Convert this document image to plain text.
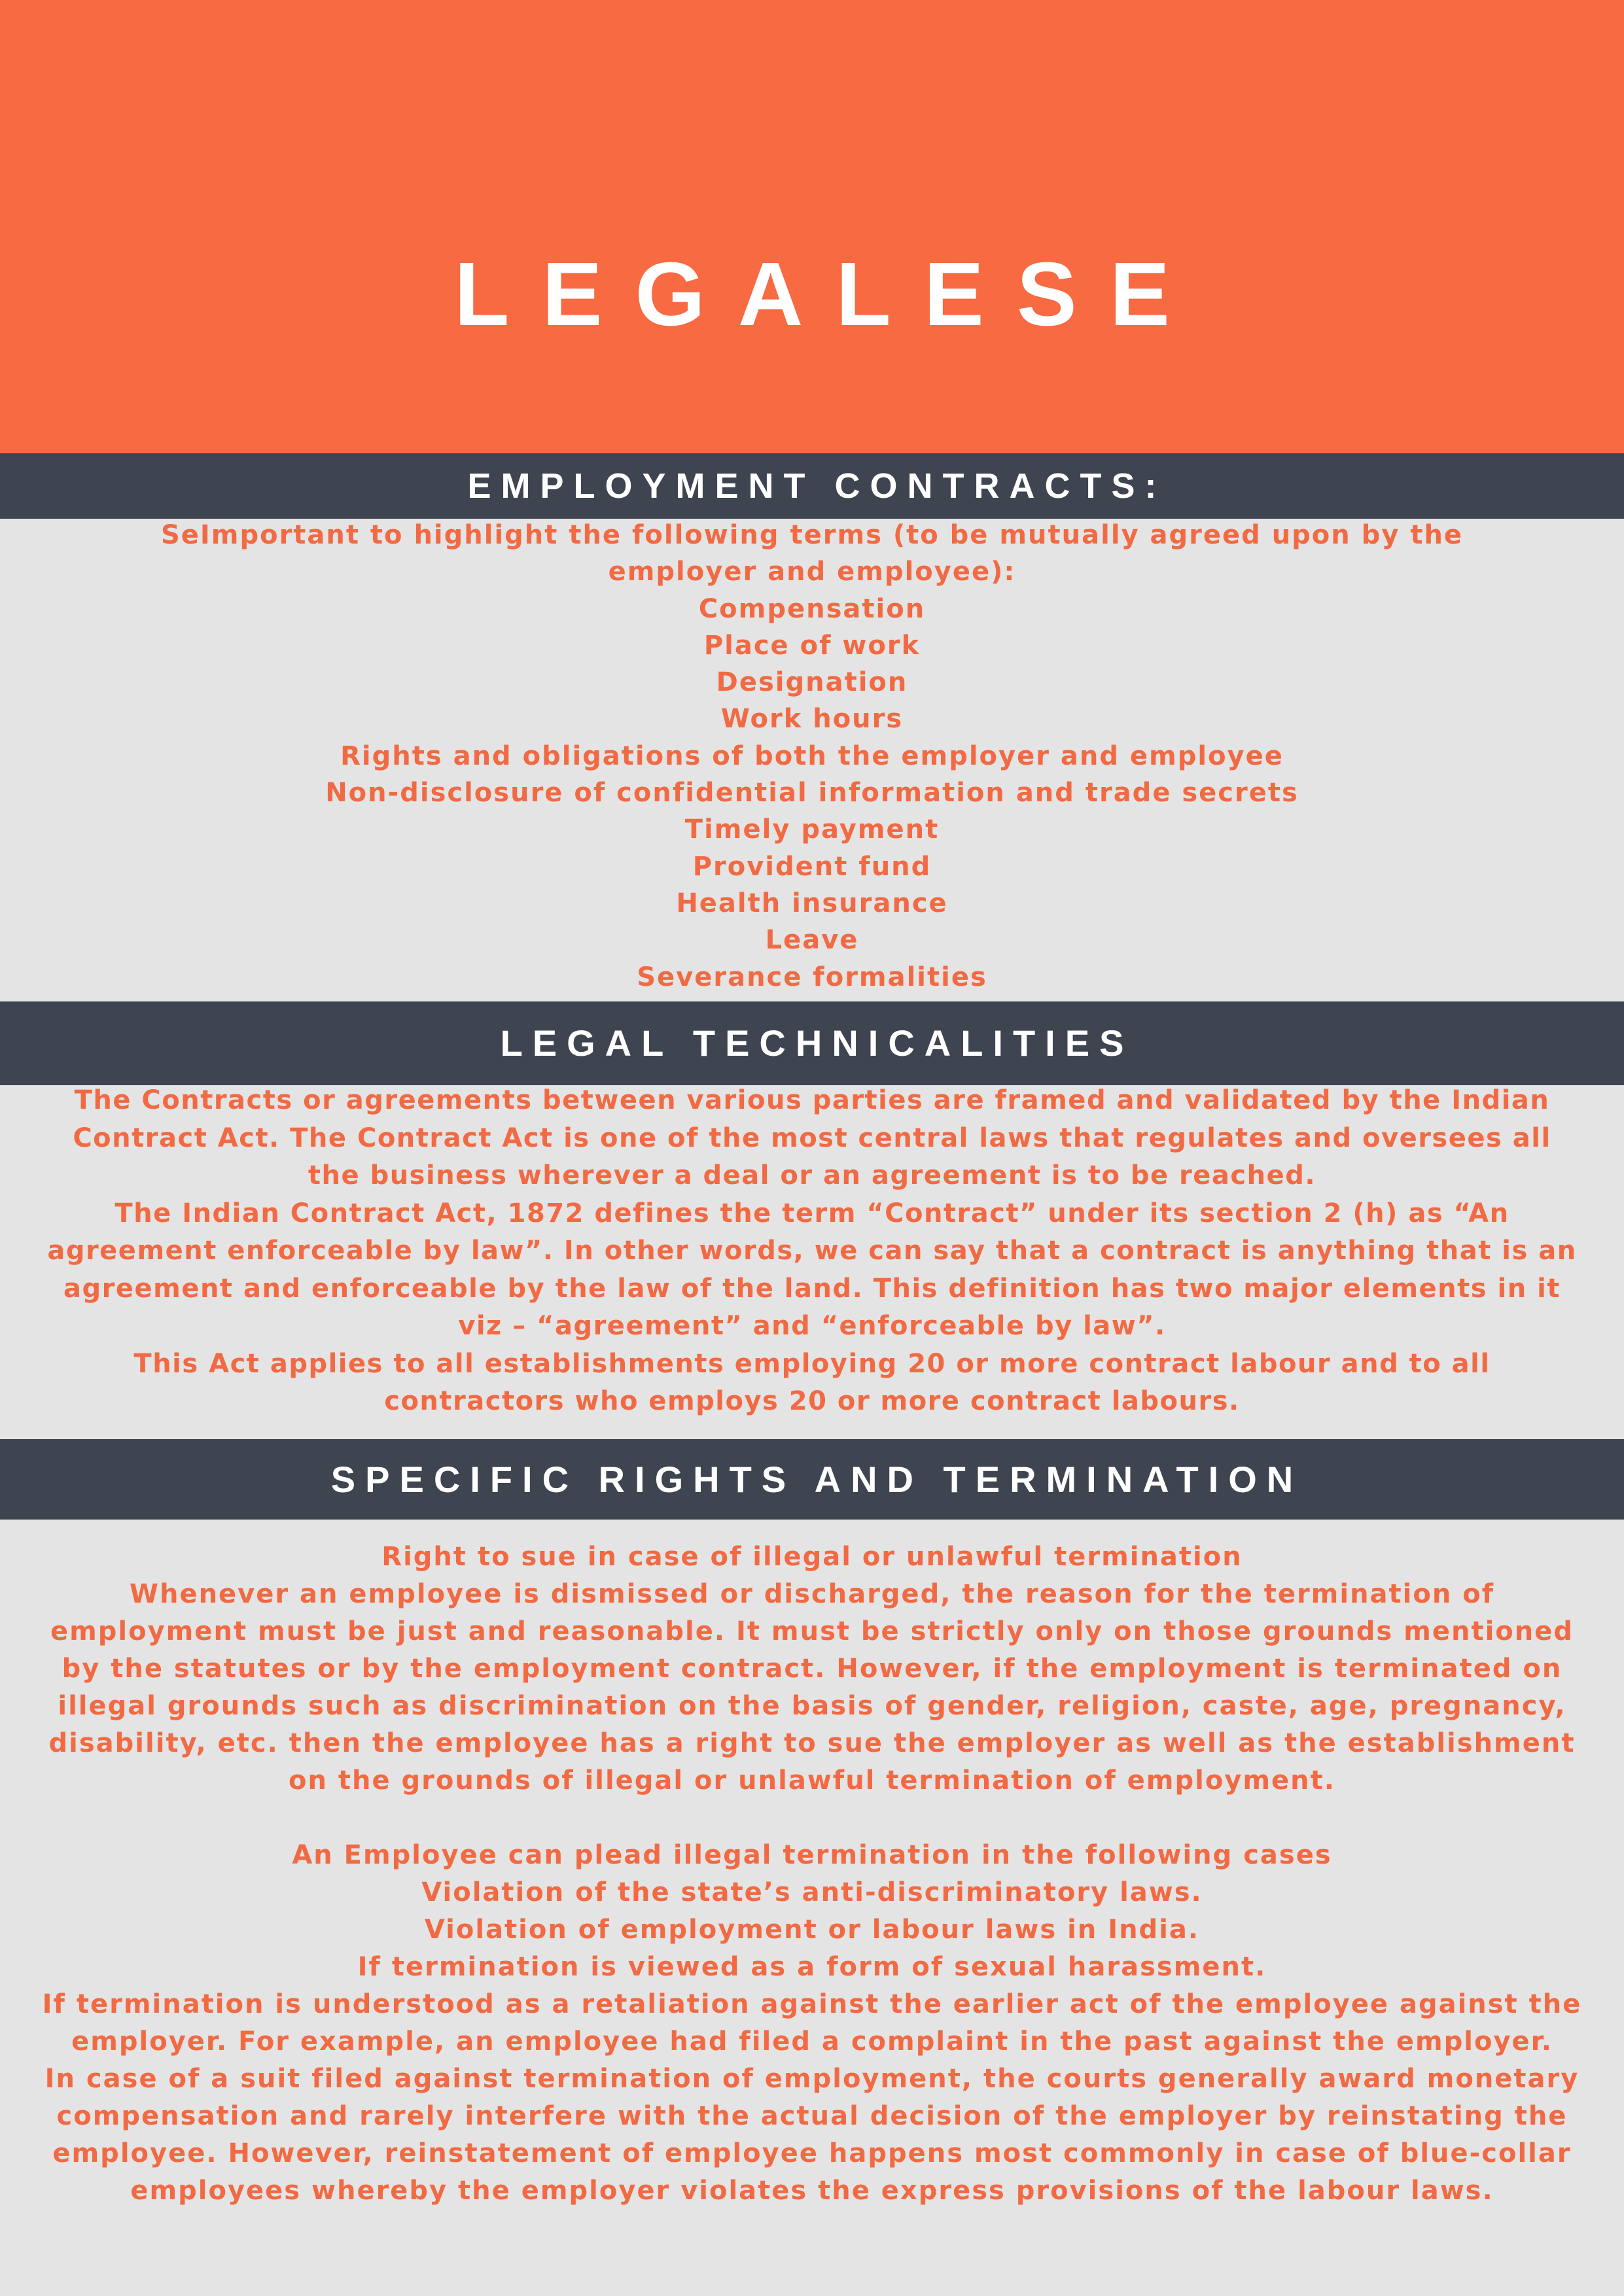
LEGALESE
EMPLOYMENT CONTRACTS:

SeImportant to highlight the following terms (to be mutually agreed upon by the employer and employee):

Compensation

Place of work

Designation

Work hours

Rights and obligations of both the employer and employee

Non-disclosure of confidential information and trade secrets

Timely payment

Provident fund

Health insurance

Leave

Severance formalities

LEGAL TECHNICALITIES

The Contracts or agreements between various parties are framed and validated by the Indian Contract Act. The Contract Act is one of the most central laws that regulates and oversees all the business wherever a deal or an agreement is to be reached.

The Indian Contract Act, 1872 defines the term “Contract” under its section 2 (h) as “An agreement enforceable by law”. In other words, we can say that a contract is anything that is an agreement and enforceable by the law of the land. This definition has two major elements in it viz – “agreement” and “enforceable by law”.

This Act applies to all establishments employing 20 or more contract labour and to all contractors who employs 20 or more contract labours.

SPECIFIC RIGHTS AND TERMINATION

Right to sue in case of illegal or unlawful termination

Whenever an employee is dismissed or discharged, the reason for the termination of employment must be just and reasonable. It must be strictly only on those grounds mentioned by the statutes or by the employment contract. However, if the employment is terminated on illegal grounds such as discrimination on the basis of gender, religion, caste, age, pregnancy, disability, etc. then the employee has a right to sue the employer as well as the establishment on the grounds of illegal or unlawful termination of employment.

An Employee can plead illegal termination in the following cases

Violation of the state’s anti-discriminatory laws.

Violation of employment or labour laws in India.

If termination is viewed as a form of sexual harassment.

If termination is understood as a retaliation against the earlier act of the employee against the employer. For example, an employee had filed a complaint in the past against the employer.

In case of a suit filed against termination of employment, the courts generally award monetary compensation and rarely interfere with the actual decision of the employer by reinstating the employee. However, reinstatement of employee happens most commonly in case of blue-collar employees whereby the employer violates the express provisions of the labour laws.
